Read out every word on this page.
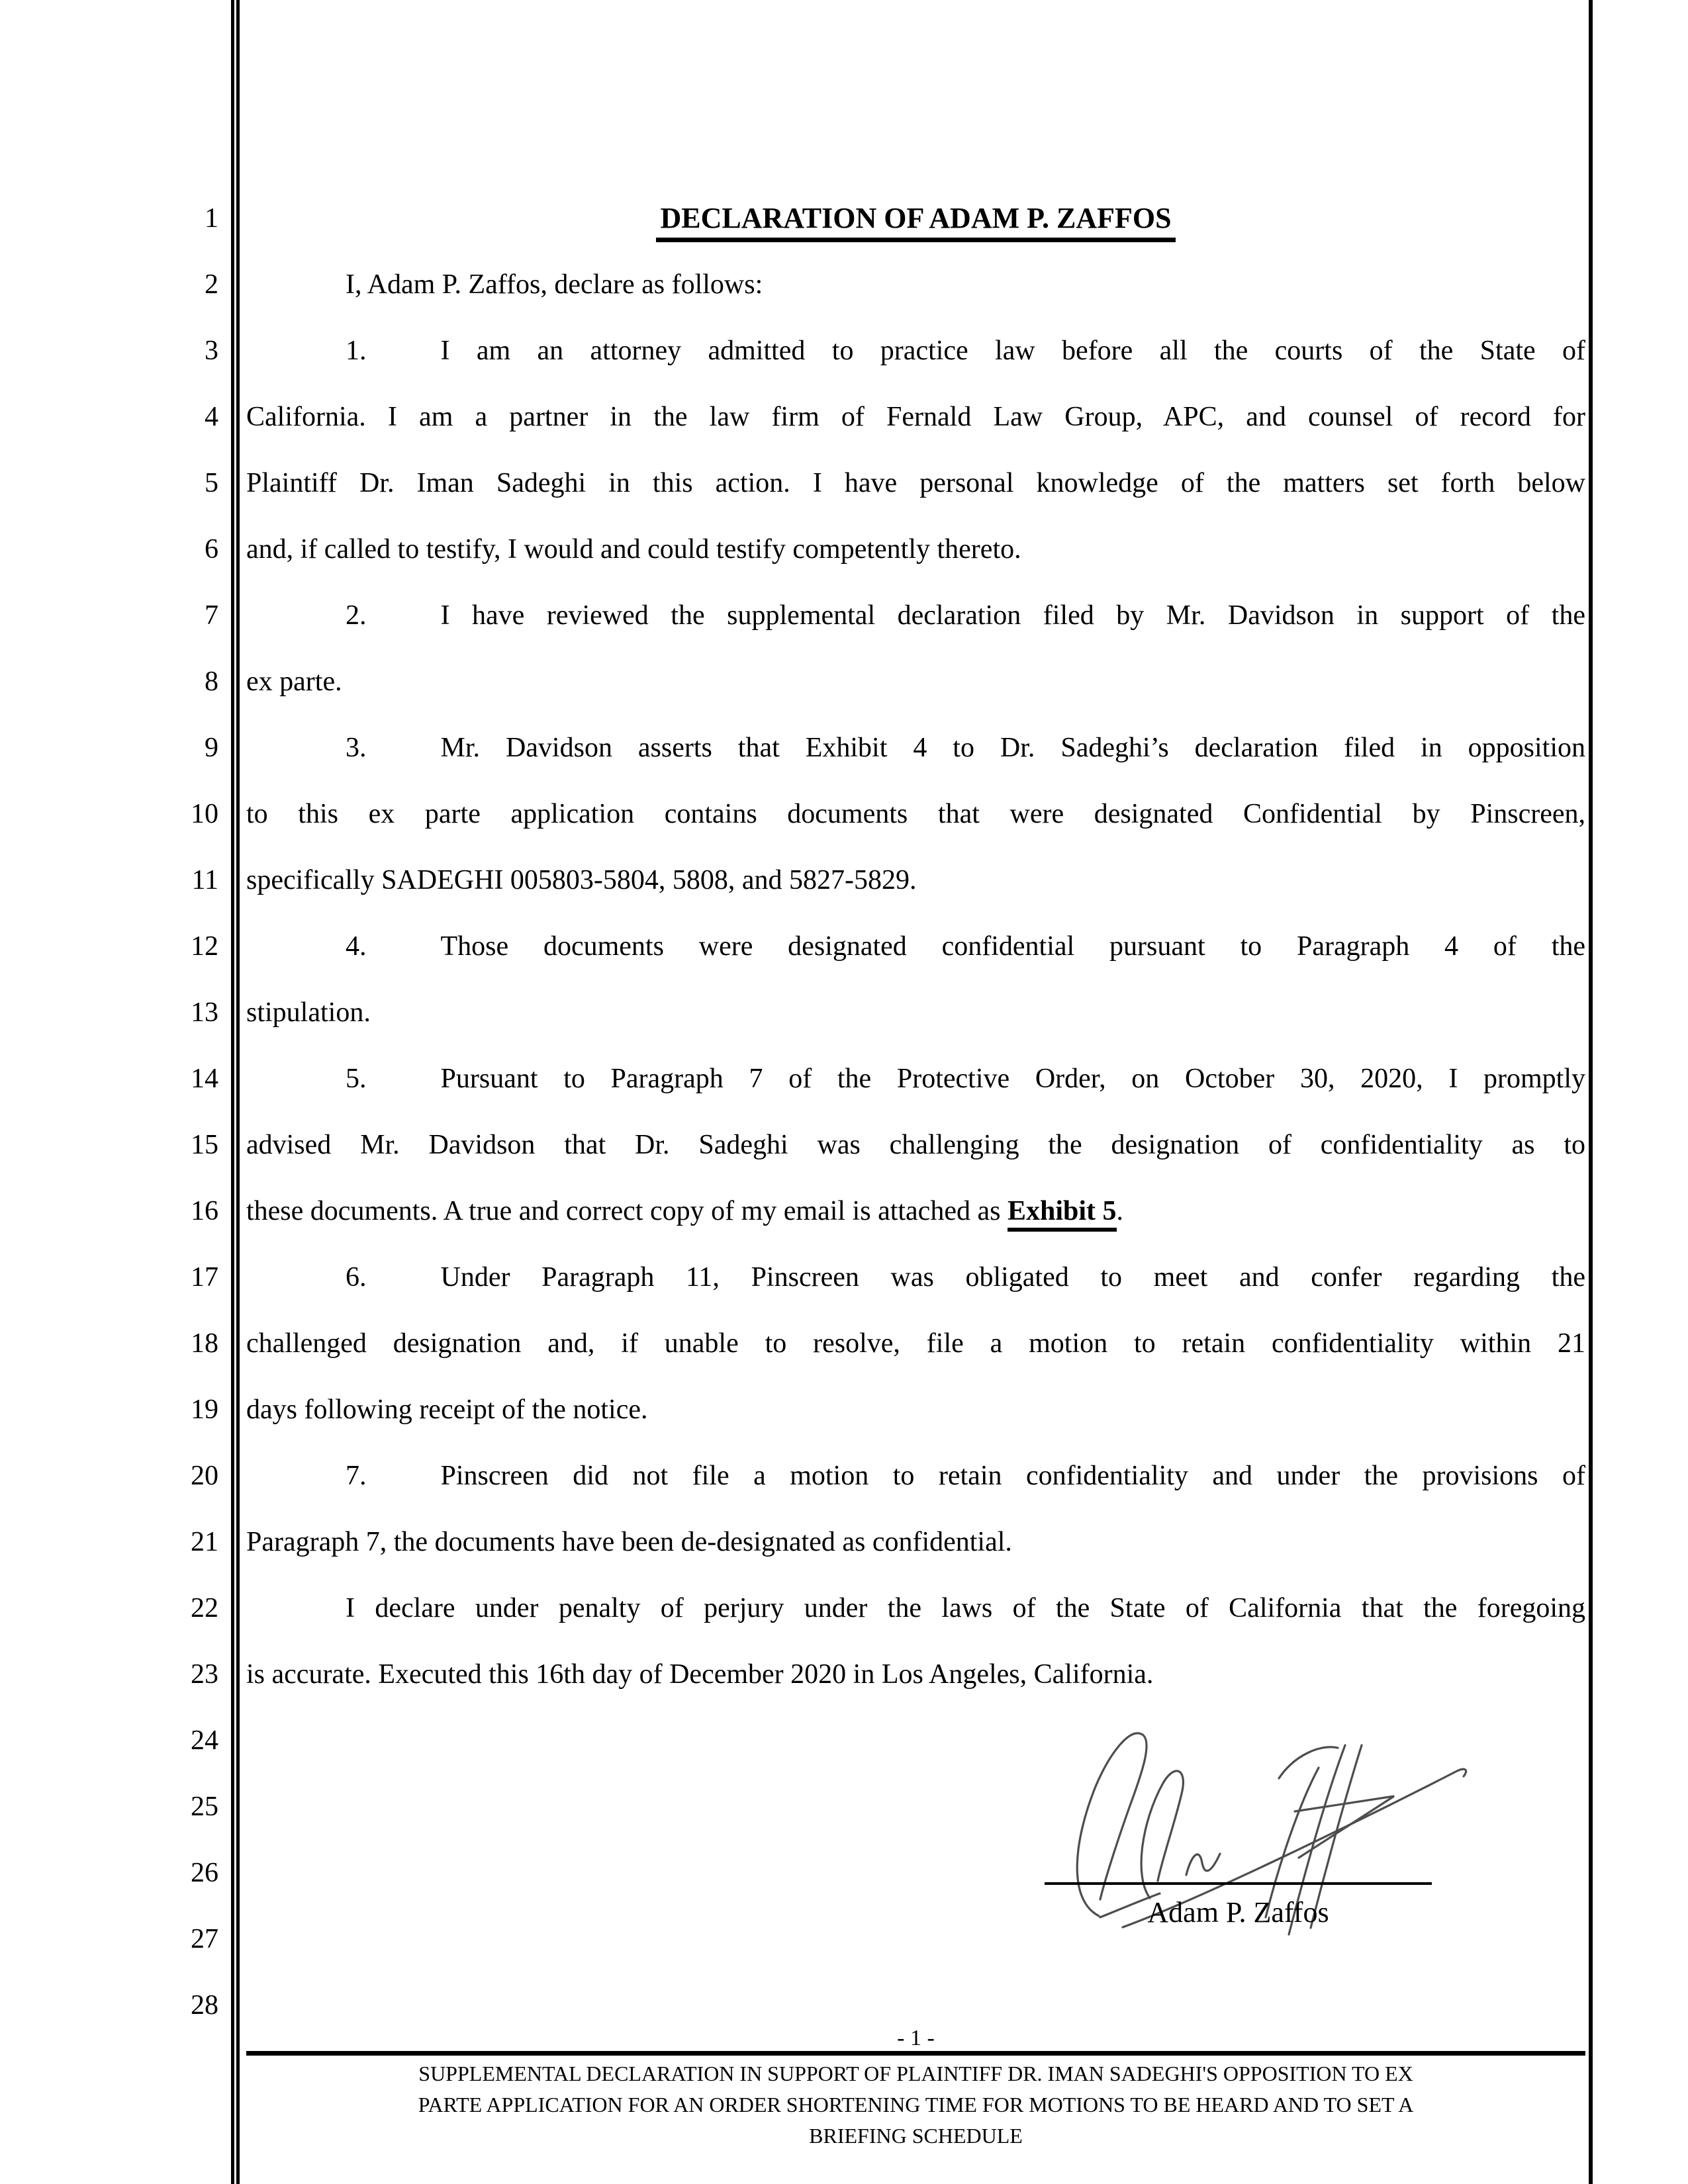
1
2
3
4
5
6
7
8
9
10
11
12
13
14
15
16
17
18
19
20
21
22
23
24
25
26
27
28
DECLARATION OF ADAM P. ZAFFOS
I, Adam P. Zaffos, declare as follows:
1.	I am an attorney admitted to practice law before all the courts of the State of
California. I am a partner in the law firm of Fernald Law Group, APC, and counsel of record for
Plaintiff Dr. Iman Sadeghi in this action. I have personal knowledge of the matters set forth below
and, if called to testify, I would and could testify competently thereto.
2.	I have reviewed the supplemental declaration filed by Mr. Davidson in support of the
ex parte.
3.	Mr. Davidson asserts that Exhibit 4 to Dr. Sadeghi’s declaration filed in opposition
to this ex parte application contains documents that were designated Confidential by Pinscreen,
specifically SADEGHI 005803-5804, 5808, and 5827-5829.
4.	Those documents were designated confidential pursuant to Paragraph 4 of the
stipulation.
5.	Pursuant to Paragraph 7 of the Protective Order, on October 30, 2020, I promptly
advised Mr. Davidson that Dr. Sadeghi was challenging the designation of confidentiality as to
these documents. A true and correct copy of my email is attached as Exhibit 5.
6.	Under Paragraph 11, Pinscreen was obligated to meet and confer regarding the
challenged designation and, if unable to resolve, file a motion to retain confidentiality within 21
days following receipt of the notice.
7.	Pinscreen did not file a motion to retain confidentiality and under the provisions of
Paragraph 7, the documents have been de-designated as confidential.
I declare under penalty of perjury under the laws of the State of California that the foregoing
is accurate. Executed this 16th day of December 2020 in Los Angeles, California.
Adam P. Zaffos
- 1 -
SUPPLEMENTAL DECLARATION IN SUPPORT OF PLAINTIFF DR. IMAN SADEGHI'S OPPOSITION TO EX
PARTE APPLICATION FOR AN ORDER SHORTENING TIME FOR MOTIONS TO BE HEARD AND TO SET A
BRIEFING SCHEDULE
